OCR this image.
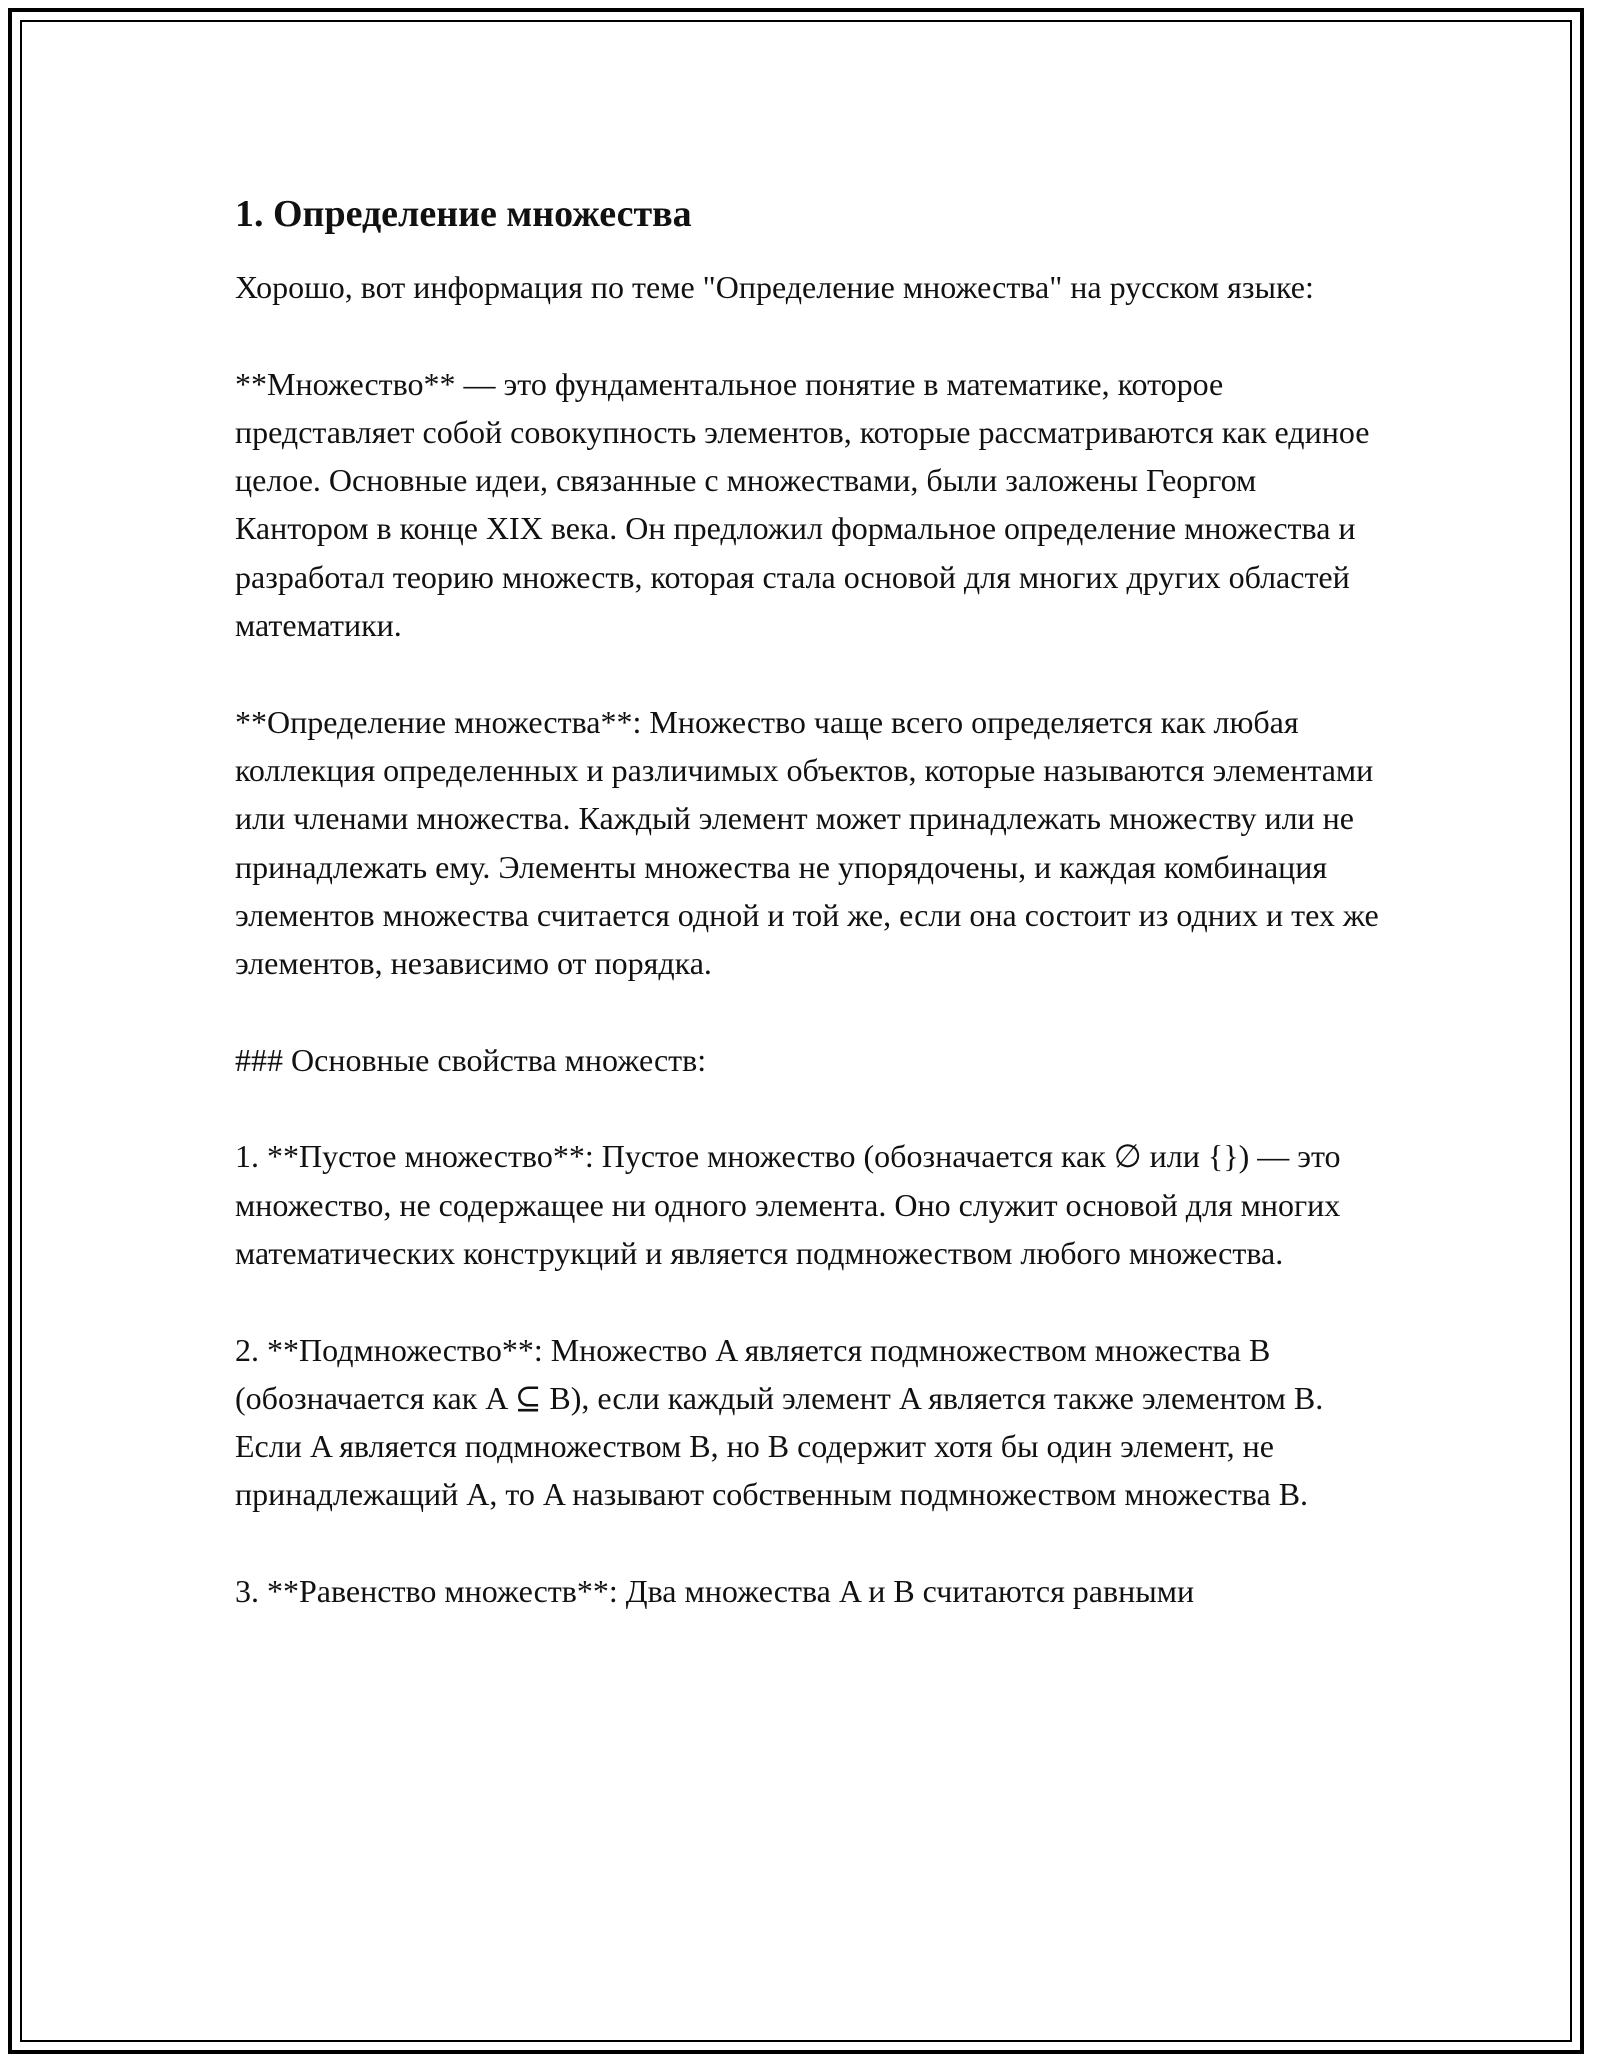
1. Определение множества

Хорошо, вот информация по теме "Определение множества" на русском языке:

**Множество** — это фундаментальное понятие в математике, которое представляет собой совокупность элементов, которые рассматриваются как единое целое. Основные идеи, связанные с множествами, были заложены Георгом Кантором в конце XIX века. Он предложил формальное определение множества и разработал теорию множеств, которая стала основой для многих других областей математики.

**Определение множества**: Множество чаще всего определяется как любая коллекция определенных и различимых объектов, которые называются элементами или членами множества. Каждый элемент может принадлежать множеству или не принадлежать ему. Элементы множества не упорядочены, и каждая комбинация элементов множества считается одной и той же, если она состоит из одних и тех же элементов, независимо от порядка.

### Основные свойства множеств:

1. **Пустое множество**: Пустое множество (обозначается как ∅ или {}) — это множество, не содержащее ни одного элемента. Оно служит основой для многих математических конструкций и является подмножеством любого множества.

2. **Подмножество**: Множество A является подмножеством множества B (обозначается как A ⊆ B), если каждый элемент A является также элементом B. Если A является подмножеством B, но B содержит хотя бы один элемент, не принадлежащий A, то A называют собственным подмножеством множества B.

3. **Равенство множеств**: Два множества A и B считаются равными
